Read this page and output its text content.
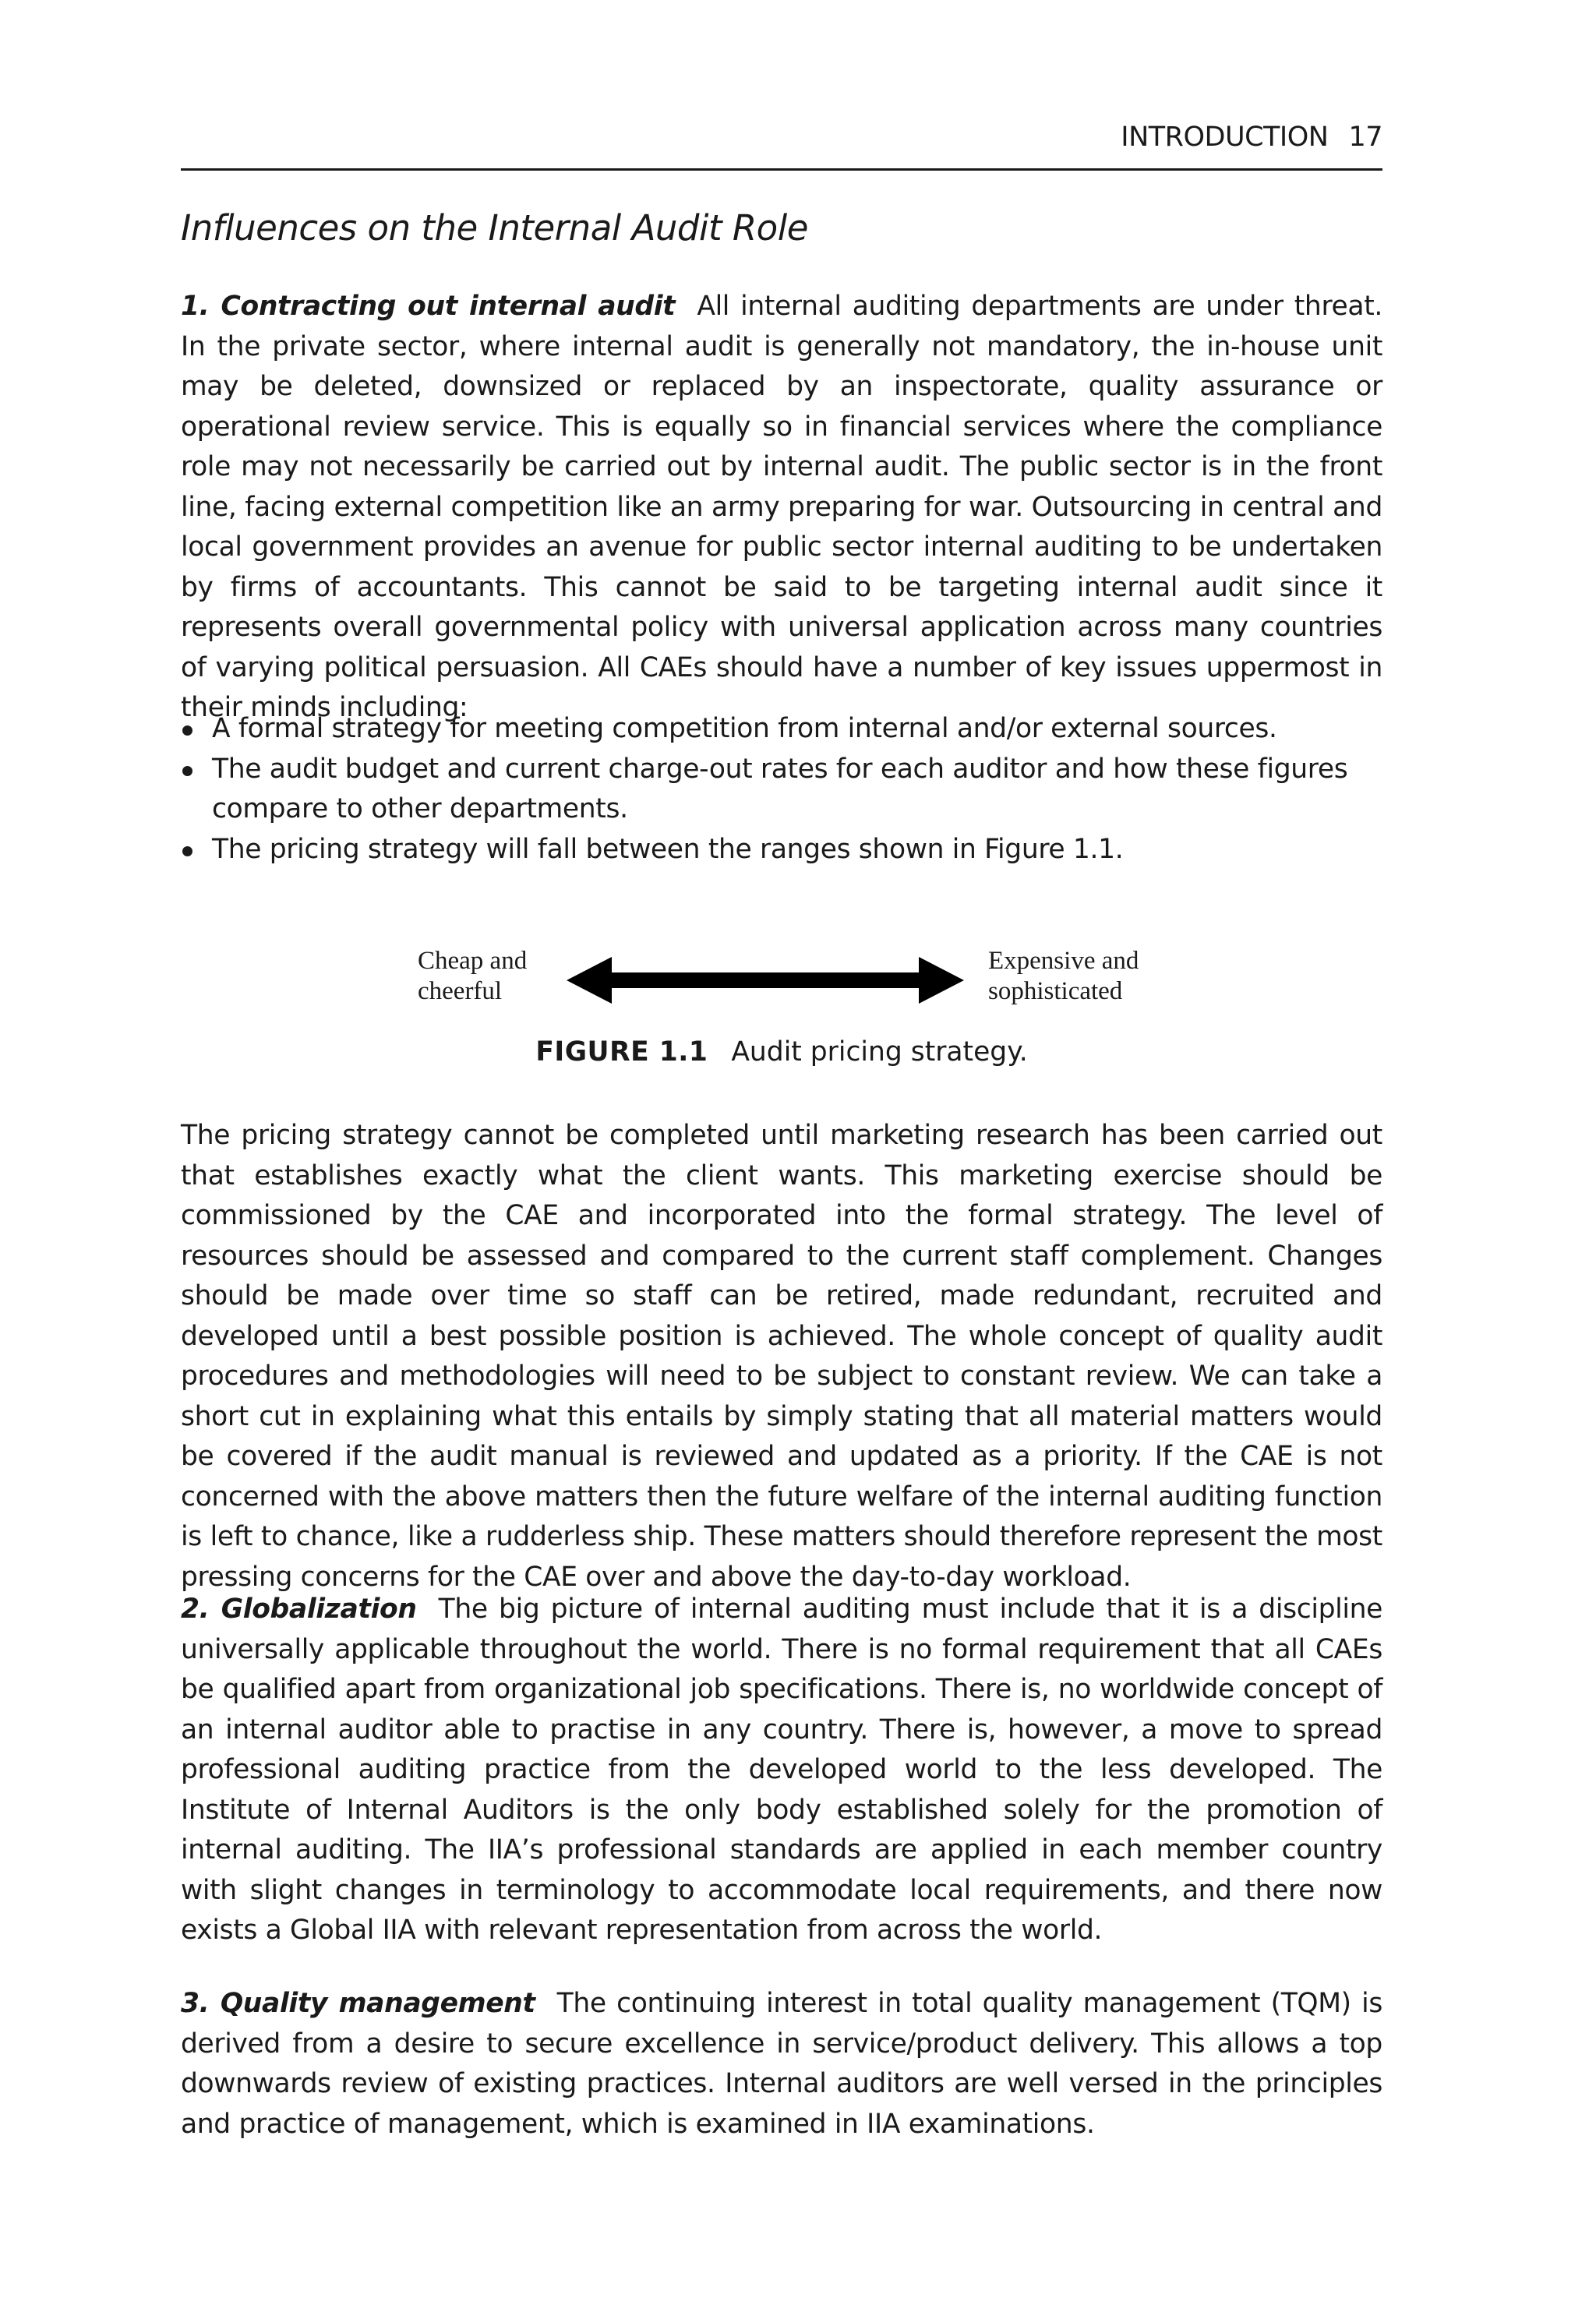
INTRODUCTION 17
Influences on the Internal Audit Role

1. Contracting out internal audit All internal auditing departments are under threat. In the private sector, where internal audit is generally not mandatory, the in-house unit may be deleted, downsized or replaced by an inspectorate, quality assurance or operational review service. This is equally so in financial services where the compliance role may not necessarily be carried out by internal audit. The public sector is in the front line, facing external competition like an army preparing for war. Outsourcing in central and local government provides an avenue for public sector internal auditing to be undertaken by firms of accountants. This cannot be said to be targeting internal audit since it represents overall governmental policy with universal application across many countries of varying political persuasion. All CAEs should have a number of key issues uppermost in their minds including:

A formal strategy for meeting competition from internal and/or external sources.
The audit budget and current charge-out rates for each auditor and how these figures compare to other departments.
The pricing strategy will fall between the ranges shown in Figure 1.1.

Cheap and
cheerful

Expensive and
sophisticated

FIGURE 1.1 Audit pricing strategy.

The pricing strategy cannot be completed until marketing research has been carried out that establishes exactly what the client wants. This marketing exercise should be commissioned by the CAE and incorporated into the formal strategy. The level of resources should be assessed and compared to the current staff complement. Changes should be made over time so staff can be retired, made redundant, recruited and developed until a best possible position is achieved. The whole concept of quality audit procedures and methodologies will need to be subject to constant review. We can take a short cut in explaining what this entails by simply stating that all material matters would be covered if the audit manual is reviewed and updated as a priority. If the CAE is not concerned with the above matters then the future welfare of the internal auditing function is left to chance, like a rudderless ship. These matters should therefore represent the most pressing concerns for the CAE over and above the day-to-day workload.

2. Globalization The big picture of internal auditing must include that it is a discipline universally applicable throughout the world. There is no formal requirement that all CAEs be qualified apart from organizational job specifications. There is, no worldwide concept of an internal auditor able to practise in any country. There is, however, a move to spread professional auditing practice from the developed world to the less developed. The Institute of Internal Auditors is the only body established solely for the promotion of internal auditing. The IIA’s professional standards are applied in each member country with slight changes in terminology to accommodate local requirements, and there now exists a Global IIA with relevant representation from across the world.

3. Quality management The continuing interest in total quality management (TQM) is derived from a desire to secure excellence in service/product delivery. This allows a top downwards review of existing practices. Internal auditors are well versed in the principles and practice of management, which is examined in IIA examinations.
